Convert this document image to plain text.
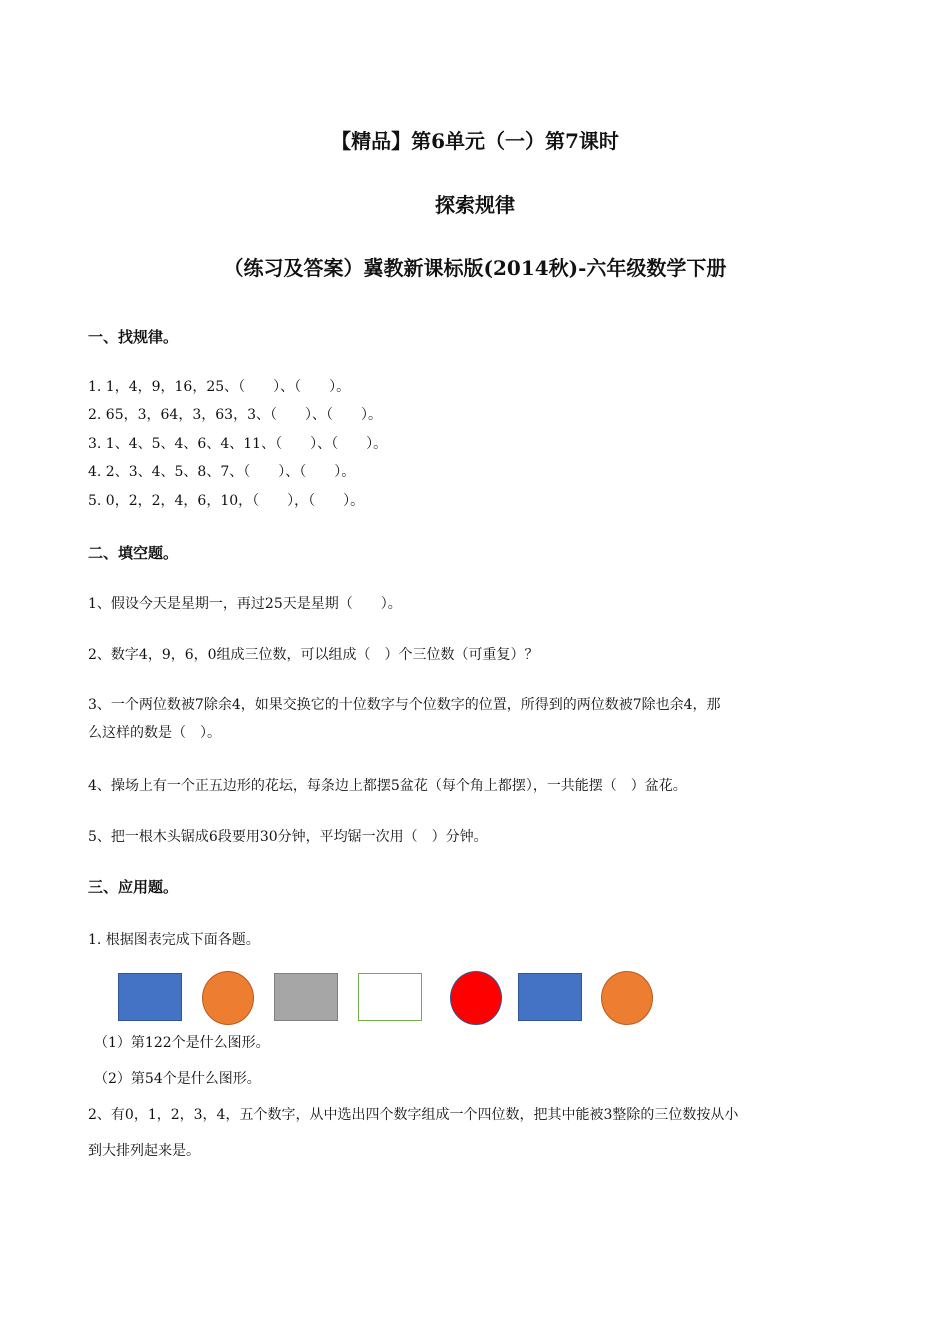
【精品】第6单元（一）第7课时
探索规律
（练习及答案）冀教新课标版(2014秋)-六年级数学下册
一、找规律。
1. 1，4，9，16，25、（　　）、（　　）。
2. 65，3，64，3，63，3、（　　）、（　　）。
3. 1、4、5、4、6、4、11、（　　）、（　　）。
4. 2、3、4、5、8、7、（　　）、（　　）。
5. 0，2，2，4，6，10，（　　），（　　）。
二、填空题。
1、假设今天是星期一，再过25天是星期（　　）。
2、数字4，9，6，0组成三位数，可以组成（　）个三位数（可重复）？
3、一个两位数被7除余4，如果交换它的十位数字与个位数字的位置，所得到的两位数被7除也余4，那
么这样的数是（　）。
4、操场上有一个正五边形的花坛，每条边上都摆5盆花（每个角上都摆），一共能摆（　）盆花。
5、把一根木头锯成6段要用30分钟，平均锯一次用（　）分钟。
三、应用题。
1. 根据图表完成下面各题。
（1）第122个是什么图形。
（2）第54个是什么图形。
2、有0，1，2，3，4，五个数字，从中选出四个数字组成一个四位数，把其中能被3整除的三位数按从小
到大排列起来是。
